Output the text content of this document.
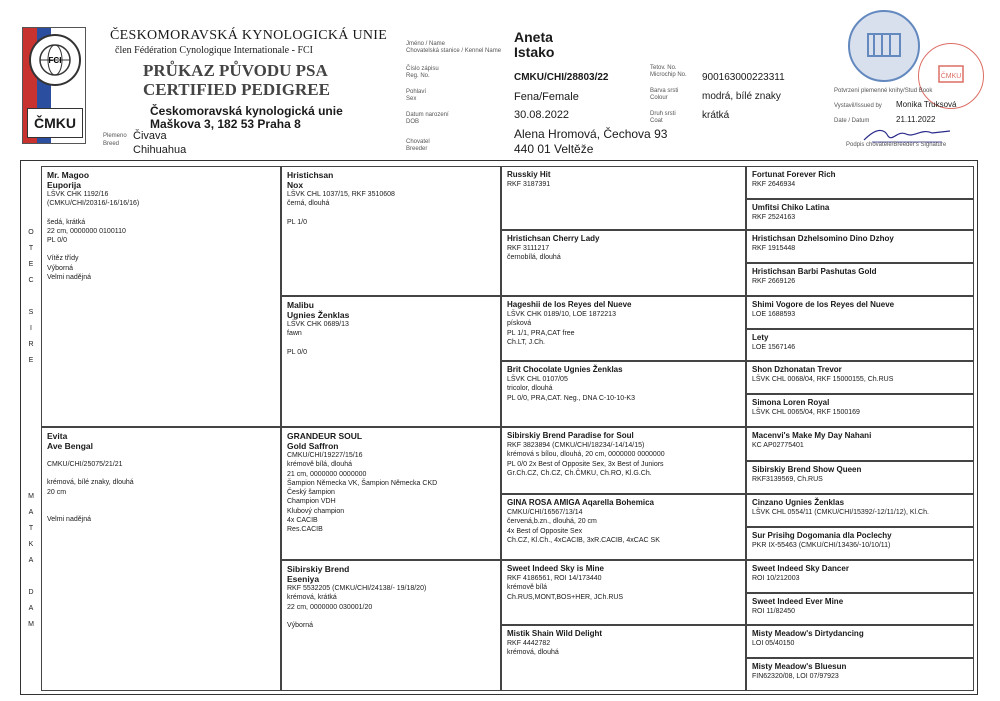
FCI
ČMKU
ČESKOMORAVSKÁ KYNOLOGICKÁ UNIE
člen Fédération Cynologique Internationale - FCI
PRŮKAZ PŮVODU PSA
CERTIFIED PEDIGREE
Českomoravská kynologická unie
Maškova 3, 182 53 Praha 8
Plemeno
Breed
Čivava
Chihuahua
Jméno / Name
Chovatelská stanice / Kennel Name
Aneta
Istako
Číslo zápisu
Reg. No.	CMKU/CHI/28803/22
Pohlaví
Sex	Fena/Female
Datum narození
DOB
30.08.2022
Chovatel
Breeder
Alena Hromová, Čechova 93
440 01 Veltěže
Tetov. No.
Microchip No. 900163000223311
Barva srsti
Colour	modrá, bílé znaky
Druh srsti
Coat	krátká
ČMKU
Potvrzení plemenné knihy/Stud Book
Vystavil/Issued by Monika Truksová
Date / Datum	21.11.2022
Podpis chovatele/Breeder's Signature
O
T
E
C
S
I
R
E
M
A
T
K
A
D
A
M
Mr. Magoo
Euporija
LŠVK CHK 1192/16
(CMKU/CHI/20316/-16/16/16)
šedá, krátká
22 cm, 0000000 0100110
PL 0/0
Vítěz třídy
Výborná
Velmi nadějná
Evita
Ave Bengal
CMKU/CHI/25075/21/21
krémová, bílé znaky, dlouhá
20 cm
Velmi nadějná
Hristichsan
Nox
LŠVK CHL 1037/15, RKF 3510608
černá, dlouhá
PL 1/0
Malibu
Ugnies Ženklas
LŠVK CHK 0689/13
fawn
PL 0/0
GRANDEUR SOUL
Gold Saffron
CMKU/CHI/19227/15/16
krémově bílá, dlouhá
21 cm, 0000000 0000000
Šampion Německa VK, Šampion Německa CKD
Český šampion
Champion VDH
Klubový champion
4x CACIB
Res.CACIB
Sibirskiy Brend
Eseniya
RKF 5532205 (CMKU/CHI/24138/- 19/18/20)
krémová, krátká
22 cm, 0000000 030001/20
Výborná
Russkiy Hit
RKF 3187391
Hristichsan Cherry Lady
RKF 3111217
černobílá, dlouhá
Hageshii de los Reyes del Nueve
LŠVK CHK 0189/10, LOE 1872213
písková
PL 1/1, PRA,CAT free
Ch.LT, J.Ch.
Brit Chocolate Ugnies Ženklas
LŠVK CHL 0107/05
tricolor, dlouhá
PL 0/0, PRA,CAT. Neg., DNA C-10-10-K3
Sibirskiy Brend Paradise for Soul
RKF 3823894 (CMKU/CHI/18234/-14/14/15)
krémová s bílou, dlouhá, 20 cm, 0000000 0000000
PL 0/0 2x Best of Opposite Sex, 3x Best of Juniors
Gr.Ch.CZ, Ch.CZ, Ch.ČMKU, Ch.RO, Kl.G.Ch.
GINA ROSA AMIGA Aqarella Bohemica
CMKU/CHI/16567/13/14
červená,b.zn., dlouhá, 20 cm
4x Best of Opposite Sex
Ch.CZ, Kl.Ch., 4xCACIB, 3xR.CACIB, 4xCAC SK
Sweet Indeed Sky is Mine
RKF 4186561, ROI 14/173440
krémově bílá
Ch.RUS,MONT,BOS+HER, JCh.RUS
Mistik Shain Wild Delight
RKF 4442782
krémová, dlouhá
Fortunat Forever Rich
RKF 2646934
Umfitsi Chiko Latina
RKF 2524163
Hristichsan Dzhelsomino Dino Dzhoy
RKF 1915448
Hristichsan Barbi Pashutas Gold
RKF 2669126
Shimi Vogore de los Reyes del Nueve
LOE 1688593
Lety
LOE 1567146
Shon Dzhonatan Trevor
LŠVK CHL 0068/04, RKF 15000155, Ch.RUS
Simona Loren Royal
LŠVK CHL 0065/04, RKF 1500169
Macenvi's Make My Day Nahani
KC AP02775401
Sibirskiy Brend Show Queen
RKF3139569, Ch.RUS
Cinzano Ugnies Ženklas
LŠVK CHL 0554/11 (CMKU/CHI/15392/-12/11/12), Kl.Ch.
Sur Prisihg Dogomania dla Poclechy
PKR IX-55463 (CMKU/CHI/13436/-10/10/11)
Sweet Indeed Sky Dancer
ROI 10/212003
Sweet Indeed Ever Mine
ROI 11/82450
Misty Meadow's Dirtydancing
LOI 05/40150
Misty Meadow's Bluesun
FIN62320/08, LOI 07/97923
